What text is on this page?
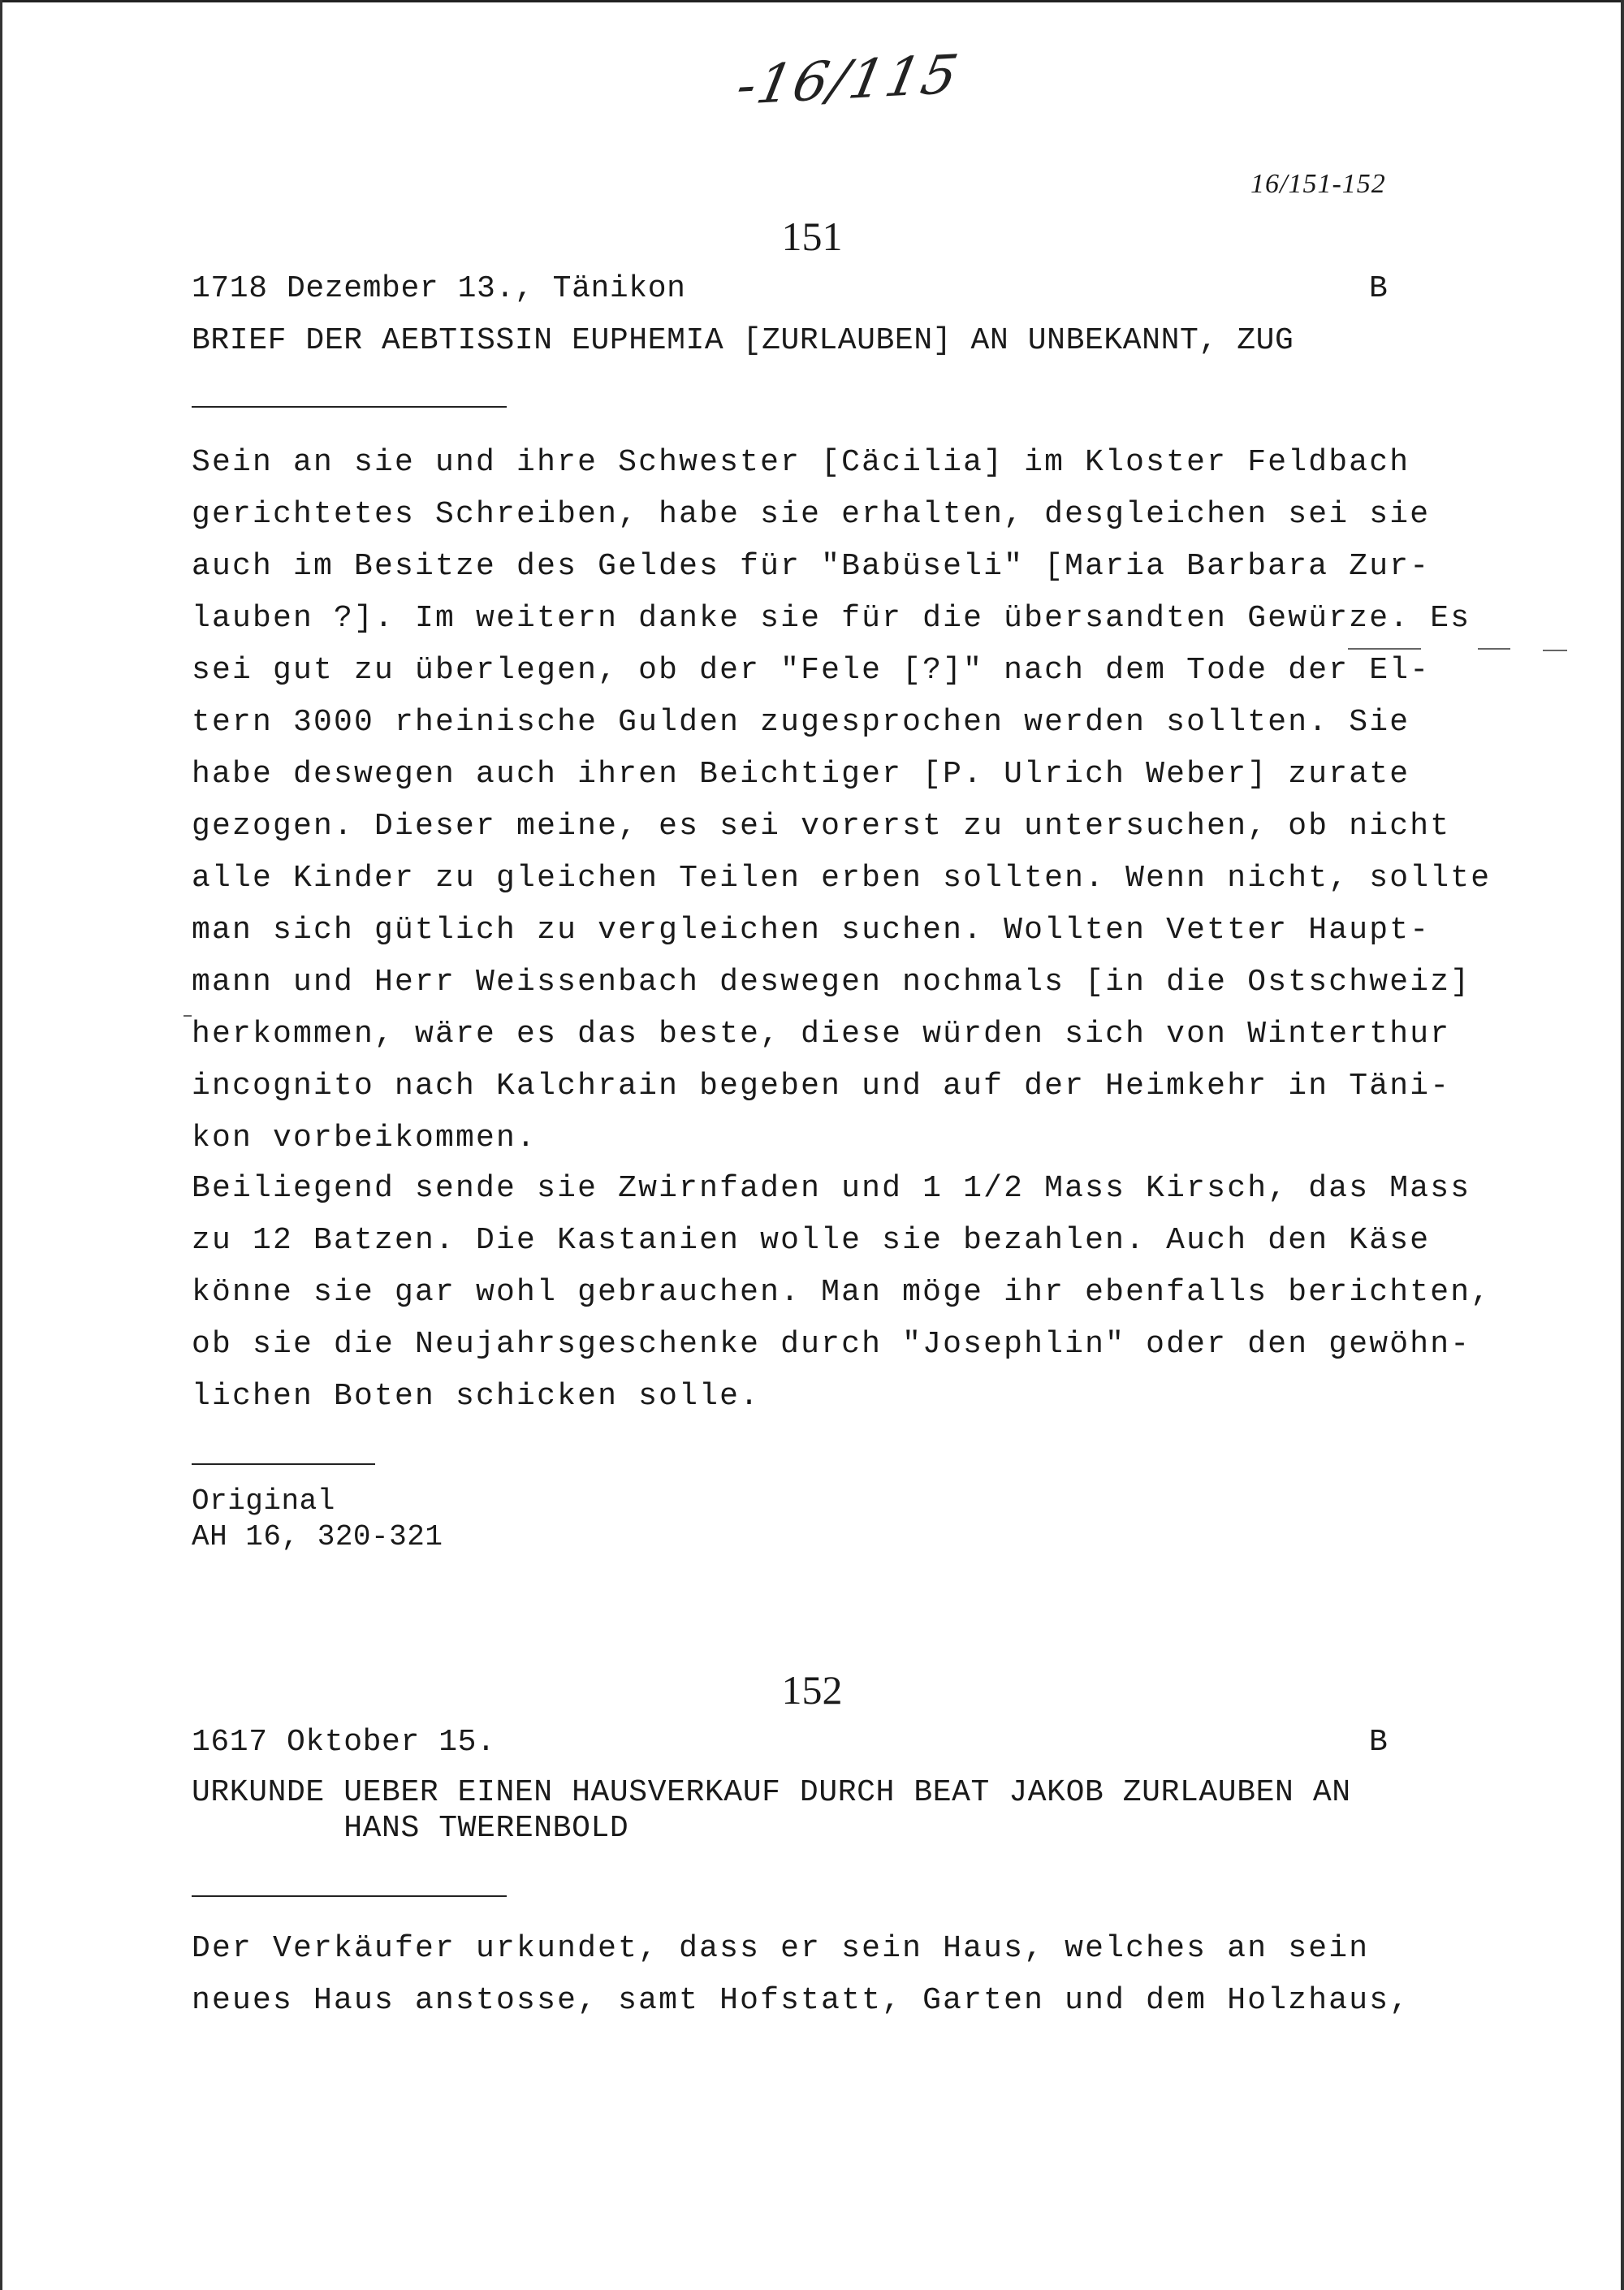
-16/115
16/151-152
151
1718 Dezember 13., Tänikon	B
BRIEF DER AEBTISSIN EUPHEMIA [ZURLAUBEN] AN UNBEKANNT, ZUG
Sein an sie und ihre Schwester [Cäcilia] im Kloster Feldbach
gerichtetes Schreiben, habe sie erhalten, desgleichen sei sie
auch im Besitze des Geldes für "Babüseli" [Maria Barbara Zur-
lauben ?]. Im weitern danke sie für die übersandten Gewürze. Es
sei gut zu überlegen, ob der "Fele [?]" nach dem Tode der El-
tern 3000 rheinische Gulden zugesprochen werden sollten. Sie
habe deswegen auch ihren Beichtiger [P. Ulrich Weber] zurate
gezogen. Dieser meine, es sei vorerst zu untersuchen, ob nicht
alle Kinder zu gleichen Teilen erben sollten. Wenn nicht, sollte
man sich gütlich zu vergleichen suchen. Wollten Vetter Haupt-
mann und Herr Weissenbach deswegen nochmals [in die Ostschweiz]
herkommen, wäre es das beste, diese würden sich von Winterthur
incognito nach Kalchrain begeben und auf der Heimkehr in Täni-
kon vorbeikommen.
Beiliegend sende sie Zwirnfaden und 1 1/2 Mass Kirsch, das Mass
zu 12 Batzen. Die Kastanien wolle sie bezahlen. Auch den Käse
könne sie gar wohl gebrauchen. Man möge ihr ebenfalls berichten,
ob sie die Neujahrsgeschenke durch "Josephlin" oder den gewöhn-
lichen Boten schicken solle.
Original
AH 16, 320-321
152
1617 Oktober 15.	B
URKUNDE UEBER EINEN HAUSVERKAUF DURCH BEAT JAKOB ZURLAUBEN AN
HANS TWERENBOLD
Der Verkäufer urkundet, dass er sein Haus, welches an sein
neues Haus anstosse, samt Hofstatt, Garten und dem Holzhaus,
